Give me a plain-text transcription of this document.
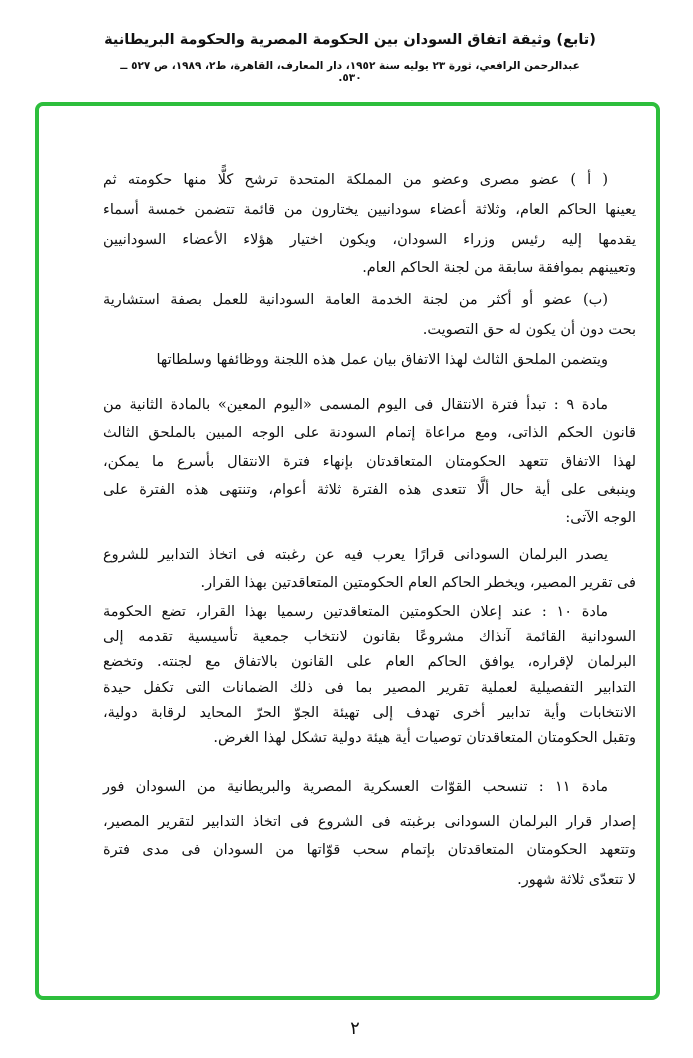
(تابع) وثيقة اتفاق السودان بين الحكومة المصرية والحكومة البريطانية
عبدالرحمن الرافعي، ثورة ٢٣ يوليه سنة ١٩٥٢، دار المعارف، القاهرة، ط٢، ١٩٨٩، ص ٥٢٧ ــ ٥٣٠.
( أ ) عضو مصرى وعضو من المملكة المتحدة ترشح كلًّا منها حكومته ثم
يعينها الحاكم العام، وثلاثة أعضاء سودانيين يختارون من قائمة تتضمن خمسة أسماء
يقدمها إليه رئيس وزراء السودان، ويكون اختيار هؤلاء الأعضاء السودانيين
وتعيينهم بموافقة سابقة من لجنة الحاكم العام.
(ب) عضو أو أكثر من لجنة الخدمة العامة السودانية للعمل بصفة استشارية
بحت دون أن يكون له حق التصويت.
ويتضمن الملحق الثالث لهذا الاتفاق بيان عمل هذه اللجنة ووظائفها وسلطاتها
مادة ٩ : تبدأ فترة الانتقال فى اليوم المسمى «اليوم المعين» بالمادة الثانية من
قانون الحكم الذاتى، ومع مراعاة إتمام السودنة على الوجه المبين بالملحق الثالث
لهذا الاتفاق تتعهد الحكومتان المتعاقدتان بإنهاء فترة الانتقال بأسرع ما يمكن،
وينبغى على أية حال ألَّا تتعدى هذه الفترة ثلاثة أعوام، وتنتهى هذه الفترة على
الوجه الآتى:
يصدر البرلمان السودانى قرارًا يعرب فيه عن رغبته فى اتخاذ التدابير للشروع
فى تقرير المصير، ويخطر الحاكم العام الحكومتين المتعاقدتين بهذا القرار.
مادة ١٠ : عند إعلان الحكومتين المتعاقدتين رسميا بهذا القرار، تضع الحكومة
السودانية القائمة آنذاك مشروعًا بقانون لانتخاب جمعية تأسيسية تقدمه إلى
البرلمان لإقراره، يوافق الحاكم العام على القانون بالاتفاق مع لجنته. وتخضع
التدابير التفصيلية لعملية تقرير المصير بما فى ذلك الضمانات التى تكفل حيدة
الانتخابات وأية تدابير أخرى تهدف إلى تهيئة الجوّ الحرّ المحايد لرقابة دولية،
وتقبل الحكومتان المتعاقدتان توصيات أية هيئة دولية تشكل لهذا الغرض.
مادة ١١ : تنسحب القوّات العسكرية المصرية والبريطانية من السودان فور
إصدار قرار البرلمان السودانى برغبته فى الشروع فى اتخاذ التدابير لتقرير المصير،
وتتعهد الحكومتان المتعاقدتان بإتمام سحب قوّاتها من السودان فى مدى فترة
لا تتعدّى ثلاثة شهور.
٢
